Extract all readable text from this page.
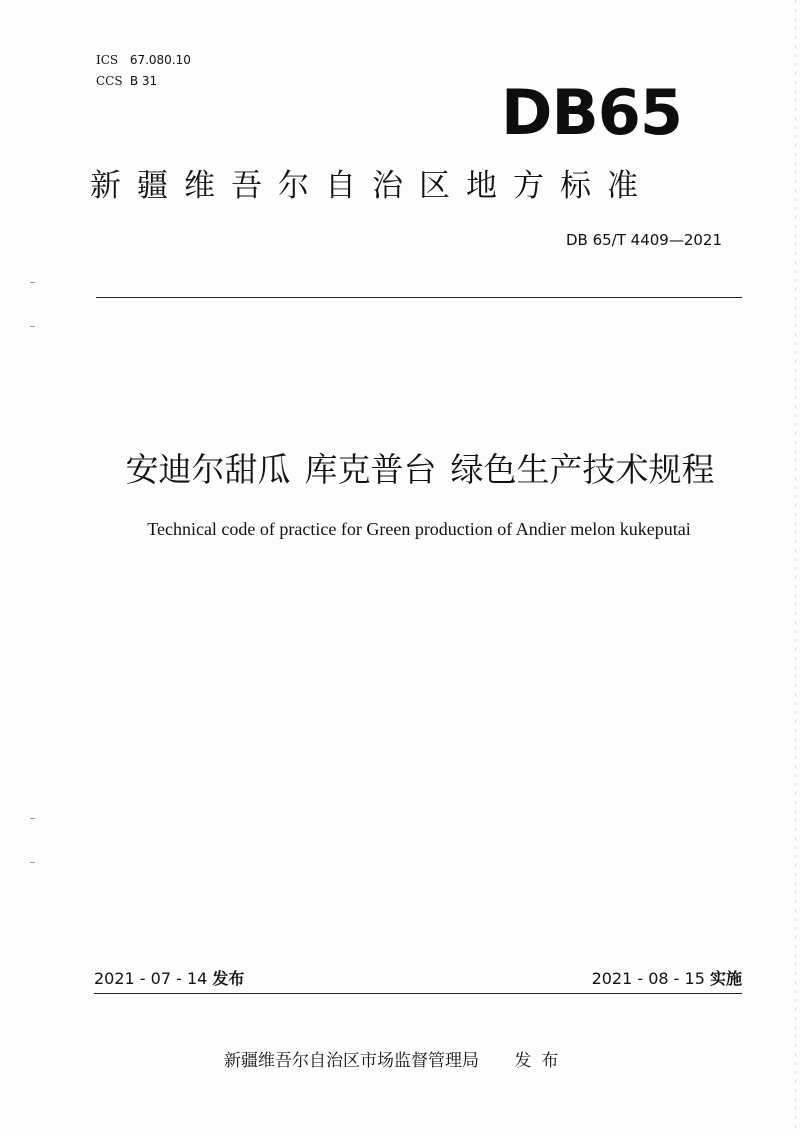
ICS 67.080.10
CCS B 31	DB65
新疆维吾尔自治区地方标准
DB 65/T 4409—2021
安迪尔甜瓜 库克普台 绿色生产技术规程
Technical code of practice for Green production of Andier melon kukeputai
2021 - 07 - 14 发布	2021 - 08 - 15 实施
新疆维吾尔自治区市场监督管理局 发布
